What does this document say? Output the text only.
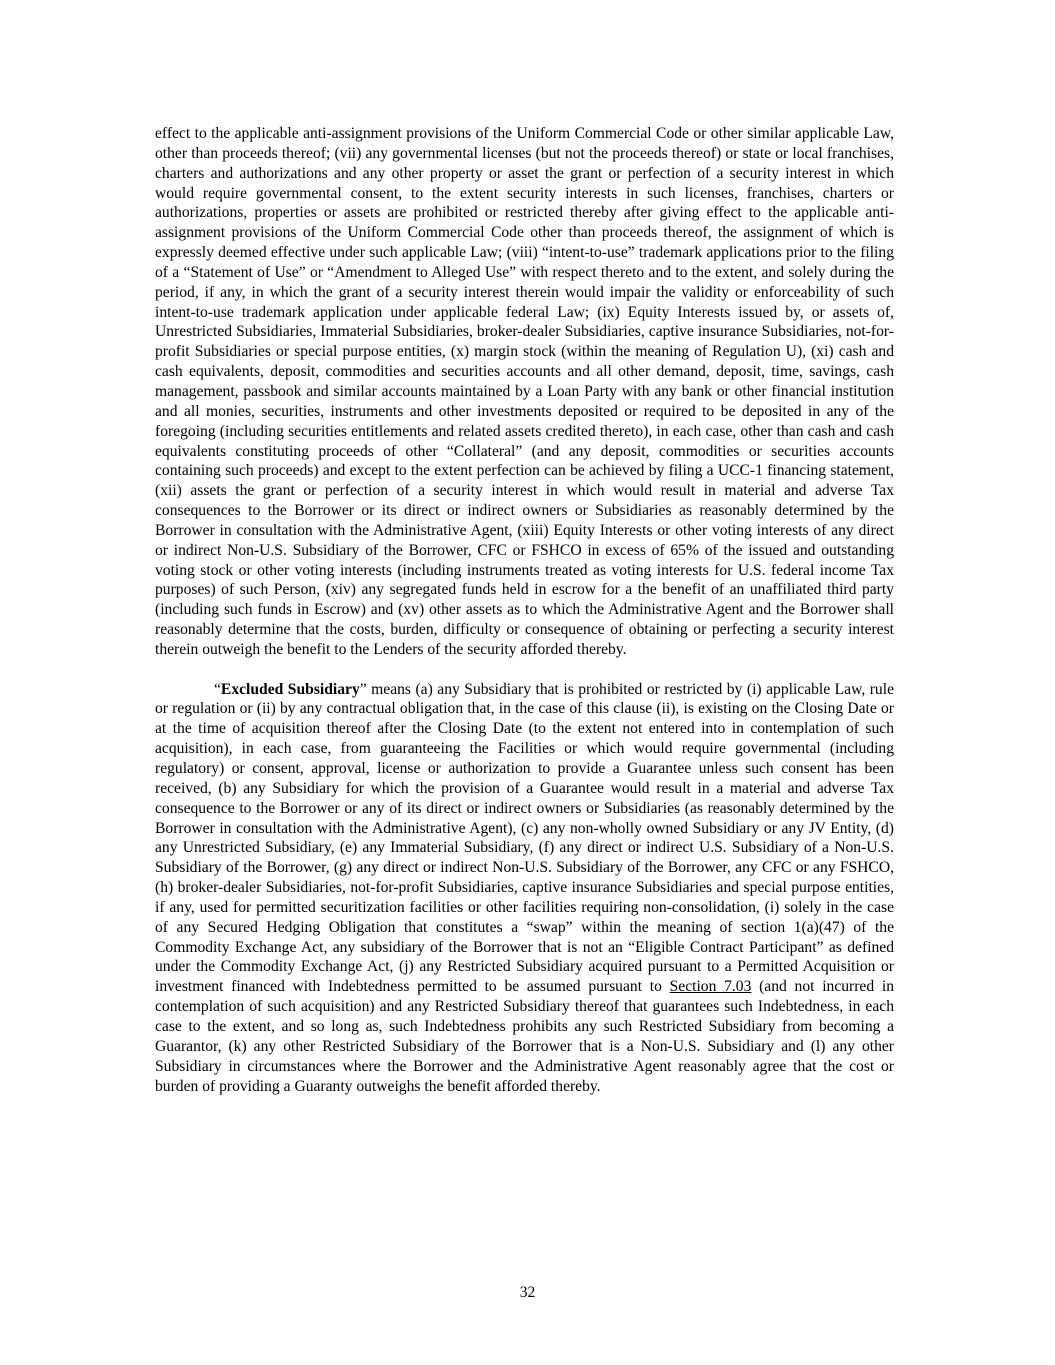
effect to the applicable anti-assignment provisions of the Uniform Commercial Code or other similar applicable Law, other than proceeds thereof; (vii) any governmental licenses (but not the proceeds thereof) or state or local franchises, charters and authorizations and any other property or asset the grant or perfection of a security interest in which would require governmental consent, to the extent security interests in such licenses, franchises, charters or authorizations, properties or assets are prohibited or restricted thereby after giving effect to the applicable anti-assignment provisions of the Uniform Commercial Code other than proceeds thereof, the assignment of which is expressly deemed effective under such applicable Law; (viii) “intent-to-use” trademark applications prior to the filing of a “Statement of Use” or “Amendment to Alleged Use” with respect thereto and to the extent, and solely during the period, if any, in which the grant of a security interest therein would impair the validity or enforceability of such intent-to-use trademark application under applicable federal Law; (ix) Equity Interests issued by, or assets of, Unrestricted Subsidiaries, Immaterial Subsidiaries, broker-dealer Subsidiaries, captive insurance Subsidiaries, not-for-profit Subsidiaries or special purpose entities, (x) margin stock (within the meaning of Regulation U), (xi) cash and cash equivalents, deposit, commodities and securities accounts and all other demand, deposit, time, savings, cash management, passbook and similar accounts maintained by a Loan Party with any bank or other financial institution and all monies, securities, instruments and other investments deposited or required to be deposited in any of the foregoing (including securities entitlements and related assets credited thereto), in each case, other than cash and cash equivalents constituting proceeds of other “Collateral” (and any deposit, commodities or securities accounts containing such proceeds) and except to the extent perfection can be achieved by filing a UCC-1 financing statement, (xii) assets the grant or perfection of a security interest in which would result in material and adverse Tax consequences to the Borrower or its direct or indirect owners or Subsidiaries as reasonably determined by the Borrower in consultation with the Administrative Agent, (xiii) Equity Interests or other voting interests of any direct or indirect Non-U.S. Subsidiary of the Borrower, CFC or FSHCO in excess of 65% of the issued and outstanding voting stock or other voting interests (including instruments treated as voting interests for U.S. federal income Tax purposes) of such Person, (xiv) any segregated funds held in escrow for a the benefit of an unaffiliated third party (including such funds in Escrow) and (xv) other assets as to which the Administrative Agent and the Borrower shall reasonably determine that the costs, burden, difficulty or consequence of obtaining or perfecting a security interest therein outweigh the benefit to the Lenders of the security afforded thereby.

“Excluded Subsidiary” means (a) any Subsidiary that is prohibited or restricted by (i) applicable Law, rule or regulation or (ii) by any contractual obligation that, in the case of this clause (ii), is existing on the Closing Date or at the time of acquisition thereof after the Closing Date (to the extent not entered into in contemplation of such acquisition), in each case, from guaranteeing the Facilities or which would require governmental (including regulatory) or consent, approval, license or authorization to provide a Guarantee unless such consent has been received, (b) any Subsidiary for which the provision of a Guarantee would result in a material and adverse Tax consequence to the Borrower or any of its direct or indirect owners or Subsidiaries (as reasonably determined by the Borrower in consultation with the Administrative Agent), (c) any non-wholly owned Subsidiary or any JV Entity, (d) any Unrestricted Subsidiary, (e) any Immaterial Subsidiary, (f) any direct or indirect U.S. Subsidiary of a Non-U.S. Subsidiary of the Borrower, (g) any direct or indirect Non-U.S. Subsidiary of the Borrower, any CFC or any FSHCO, (h) broker-dealer Subsidiaries, not-for-profit Subsidiaries, captive insurance Subsidiaries and special purpose entities, if any, used for permitted securitization facilities or other facilities requiring non-consolidation, (i) solely in the case of any Secured Hedging Obligation that constitutes a “swap” within the meaning of section 1(a)(47) of the Commodity Exchange Act, any subsidiary of the Borrower that is not an “Eligible Contract Participant” as defined under the Commodity Exchange Act, (j) any Restricted Subsidiary acquired pursuant to a Permitted Acquisition or investment financed with Indebtedness permitted to be assumed pursuant to Section 7.03 (and not incurred in contemplation of such acquisition) and any Restricted Subsidiary thereof that guarantees such Indebtedness, in each case to the extent, and so long as, such Indebtedness prohibits any such Restricted Subsidiary from becoming a Guarantor, (k) any other Restricted Subsidiary of the Borrower that is a Non-U.S. Subsidiary and (l) any other Subsidiary in circumstances where the Borrower and the Administrative Agent reasonably agree that the cost or burden of providing a Guaranty outweighs the benefit afforded thereby.

32
